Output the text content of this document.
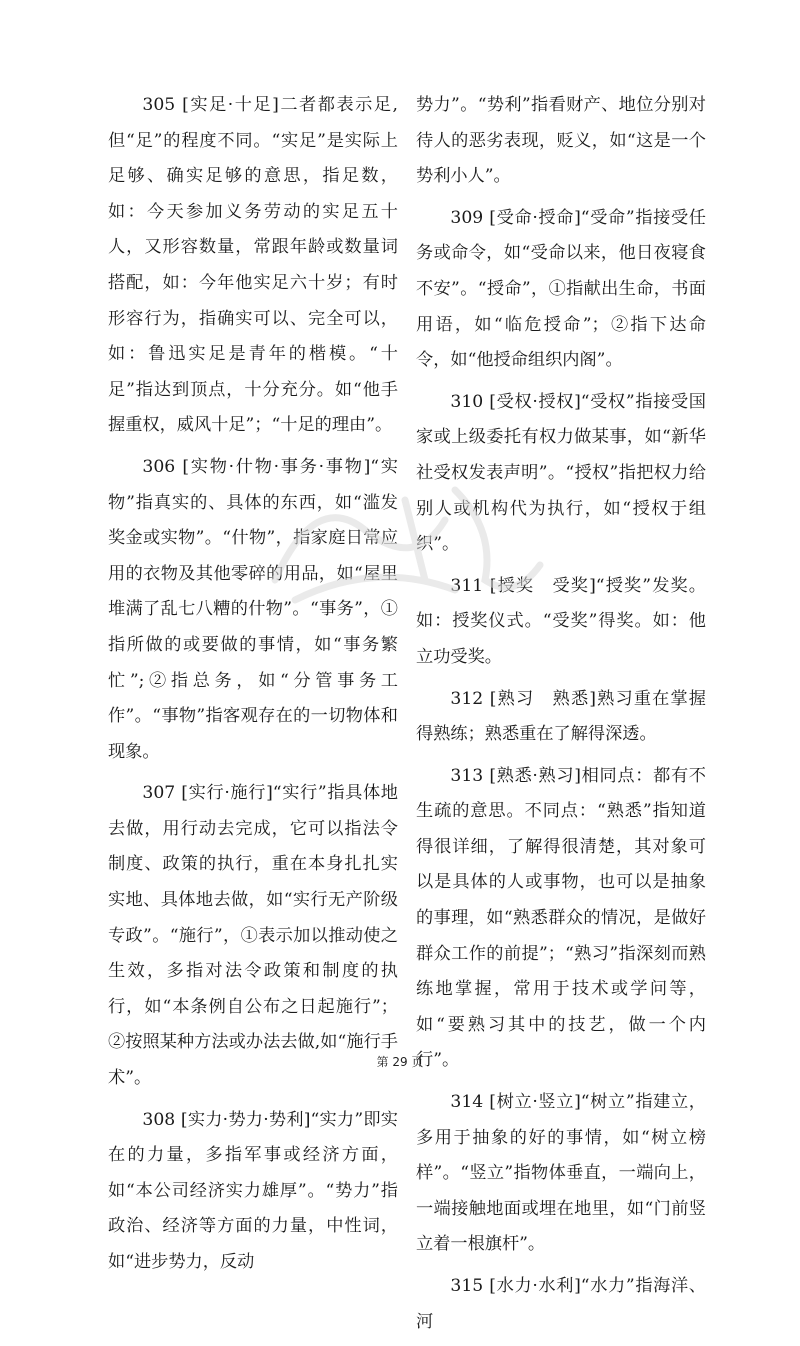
305 [实足·十足]二者都表示足,但“足”的程度不同。“实足”是实际上足够、确实足够的意思，指足数，如：今天参加义务劳动的实足五十人，又形容数量，常跟年龄或数量词搭配，如：今年他实足六十岁；有时形容行为，指确实可以、完全可以，如：鲁迅实足是青年的楷模。“十足”指达到顶点，十分充分。如“他手握重权，威风十足”；“十足的理由”。

306 [实物·什物·事务·事物]“实物”指真实的、具体的东西，如“滥发奖金或实物”。“什物”，指家庭日常应用的衣物及其他零碎的用品，如“屋里堆满了乱七八糟的什物”。“事务”，①指所做的或要做的事情，如“事务繁忙”;②指总务，如“分管事务工作”。“事物”指客观存在的一切物体和现象。

307 [实行·施行]“实行”指具体地去做，用行动去完成，它可以指法令制度、政策的执行，重在本身扎扎实实地、具体地去做，如“实行无产阶级专政”。“施行”，①表示加以推动使之生效，多指对法令政策和制度的执行，如“本条例自公布之日起施行”；②按照某种方法或办法去做,如“施行手术”。

308 [实力·势力·势利]“实力”即实在的力量，多指军事或经济方面，如“本公司经济实力雄厚”。“势力”指政治、经济等方面的力量，中性词，如“进步势力，反动

势力”。“势利”指看财产、地位分别对待人的恶劣表现，贬义，如“这是一个势利小人”。

309 [受命·授命]“受命”指接受任务或命令，如“受命以来，他日夜寝食不安”。“授命”，①指献出生命，书面用语，如“临危授命”；②指下达命令，如“他授命组织内阁”。

310 [受权·授权]“受权”指接受国家或上级委托有权力做某事，如“新华社受权发表声明”。“授权”指把权力给别人或机构代为执行，如“授权于组织”。

311 [授奖　受奖]“授奖”发奖。如：授奖仪式。“受奖”得奖。如：他立功受奖。

312 [熟习　熟悉]熟习重在掌握得熟练；熟悉重在了解得深透。

313 [熟悉·熟习]相同点：都有不生疏的意思。不同点：“熟悉”指知道得很详细，了解得很清楚，其对象可以是具体的人或事物，也可以是抽象的事理，如“熟悉群众的情况，是做好群众工作的前提”；“熟习”指深刻而熟练地掌握，常用于技术或学问等，如“要熟习其中的技艺，做一个内行”。

314 [树立·竖立]“树立”指建立，多用于抽象的好的事情，如“树立榜样”。“竖立”指物体垂直，一端向上，一端接触地面或埋在地里，如“门前竖立着一根旗杆”。

315 [水力·水利]“水力”指海洋、河

第 29 页
